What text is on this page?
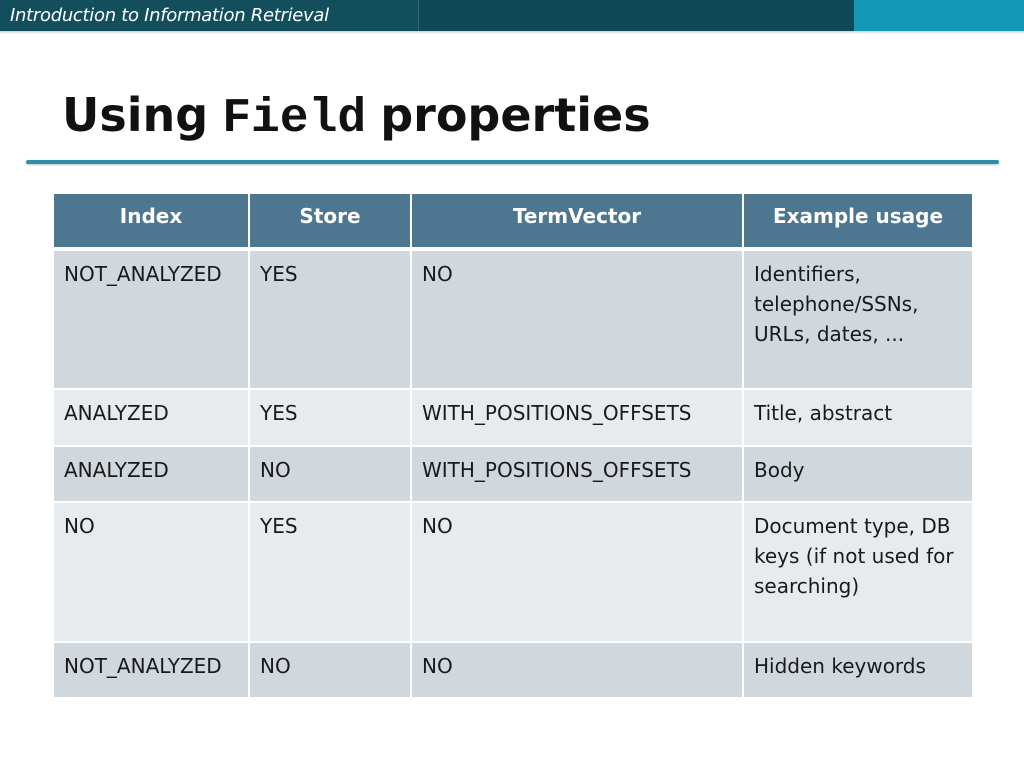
Introduction to Information Retrieval
Using Field properties
Index	Store	TermVector	Example usage
NOT_ANALYZED	YES	NO	Identifiers, telephone/SSNs, URLs, dates, ...
ANALYZED	YES	WITH_POSITIONS_OFFSETS	Title, abstract
ANALYZED	NO	WITH_POSITIONS_OFFSETS	Body
NO	YES	NO	Document type, DB keys (if not used for searching)
NOT_ANALYZED	NO	NO	Hidden keywords
